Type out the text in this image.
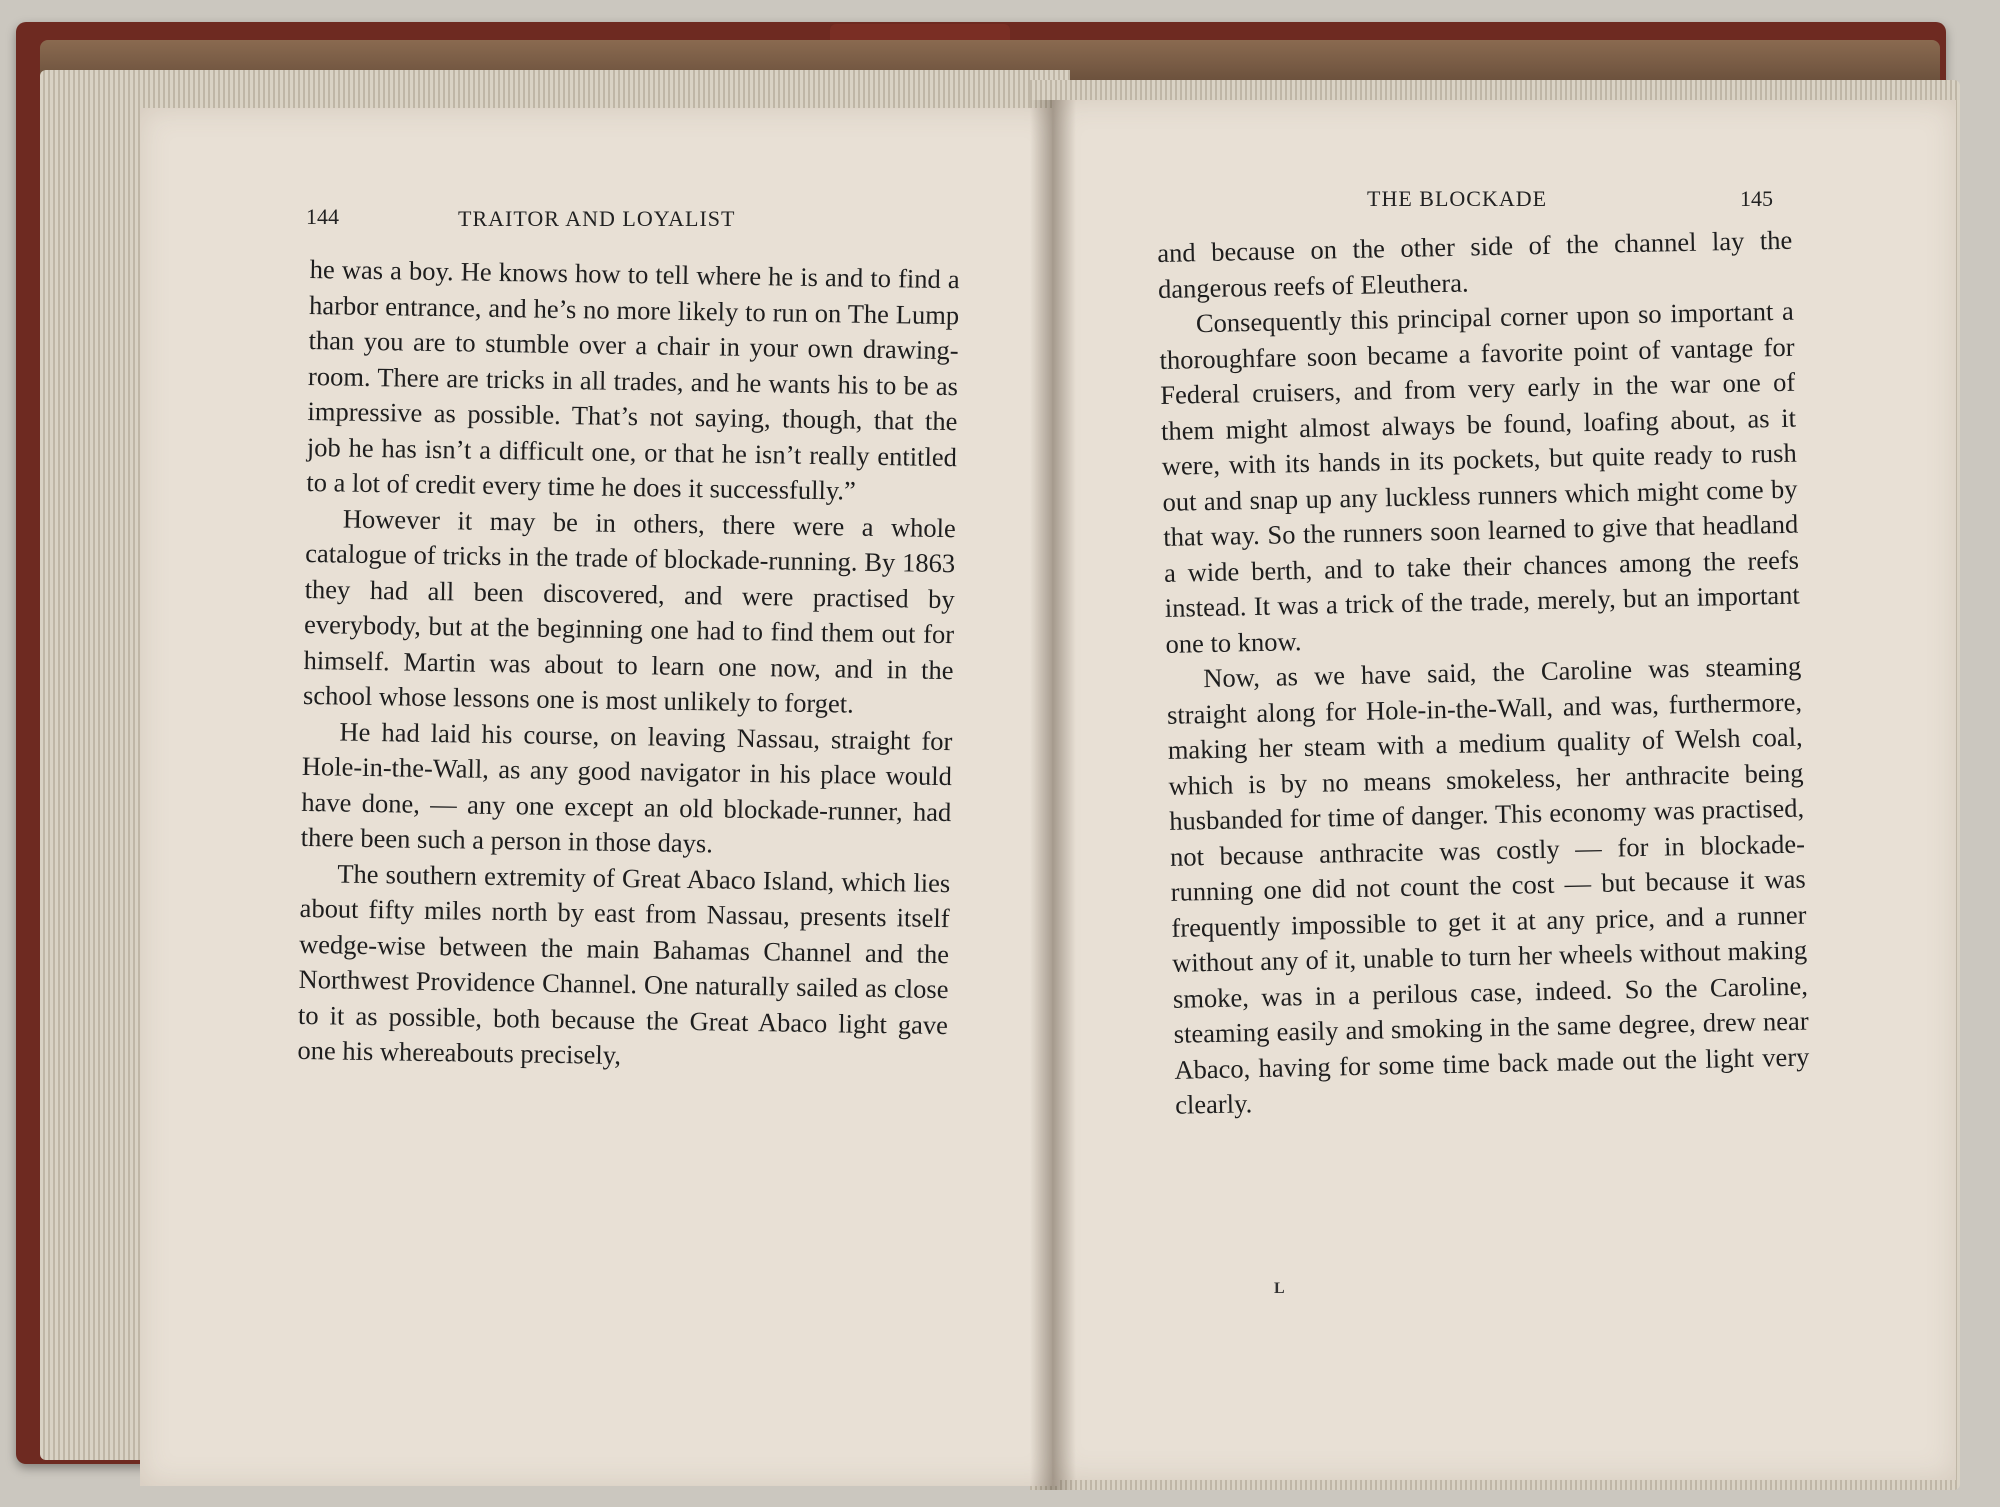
144	TRAITOR AND LOYALIST
THE BLOCKADE	145

he was a boy. He knows how to tell where he is and to find a harbor entrance, and he’s no more likely to run on The Lump than you are to stumble over a chair in your own drawing-room. There are tricks in all trades, and he wants his to be as impressive as possible. That’s not saying, though, that the job he has isn’t a difficult one, or that he isn’t really entitled to a lot of credit every time he does it successfully.”

However it may be in others, there were a whole catalogue of tricks in the trade of blockade-running. By 1863 they had all been discovered, and were practised by everybody, but at the beginning one had to find them out for himself. Martin was about to learn one now, and in the school whose lessons one is most unlikely to forget.

He had laid his course, on leaving Nassau, straight for Hole-in-the-Wall, as any good navigator in his place would have done, — any one except an old blockade-runner, had there been such a person in those days.

The southern extremity of Great Abaco Island, which lies about fifty miles north by east from Nassau, presents itself wedge-wise between the main Bahamas Channel and the Northwest Providence Channel. One naturally sailed as close to it as possible, both because the Great Abaco light gave one his whereabouts precisely,

and because on the other side of the channel lay the dangerous reefs of Eleuthera.

Consequently this principal corner upon so important a thoroughfare soon became a favorite point of vantage for Federal cruisers, and from very early in the war one of them might almost always be found, loafing about, as it were, with its hands in its pockets, but quite ready to rush out and snap up any luckless runners which might come by that way. So the runners soon learned to give that headland a wide berth, and to take their chances among the reefs instead. It was a trick of the trade, merely, but an important one to know.

Now, as we have said, the Caroline was steaming straight along for Hole-in-the-Wall, and was, furthermore, making her steam with a medium quality of Welsh coal, which is by no means smokeless, her anthracite being husbanded for time of danger. This economy was practised, not because anthracite was costly — for in blockade-running one did not count the cost — but because it was frequently impossible to get it at any price, and a runner without any of it, unable to turn her wheels without making smoke, was in a perilous case, indeed. So the Caroline, steaming easily and smoking in the same degree, drew near Abaco, having for some time back made out the light very clearly.

L
